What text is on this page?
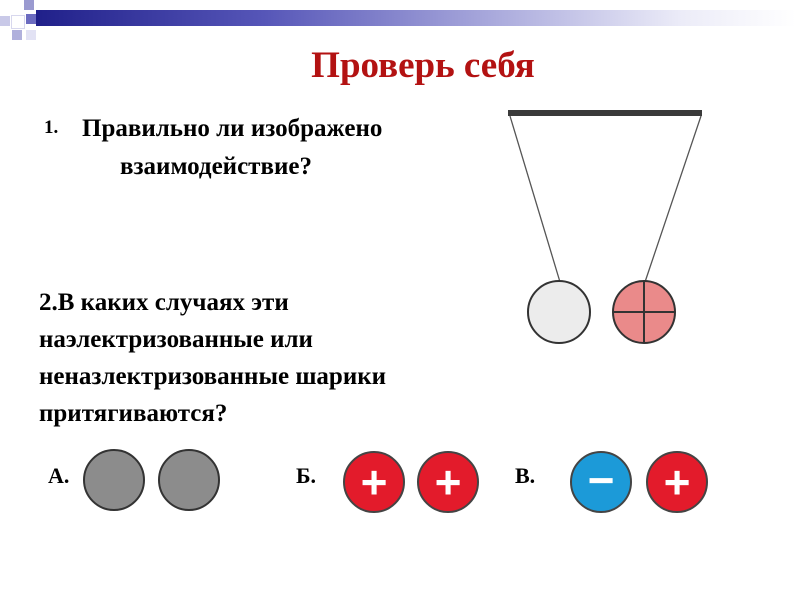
Проверь себя
1. Правильно ли изображено
взаимодействие?
2.В каких случаях эти
наэлектризованные или
неназлектризованные шарики
притягиваются?
А.	Б.	В.
+ +	− +
